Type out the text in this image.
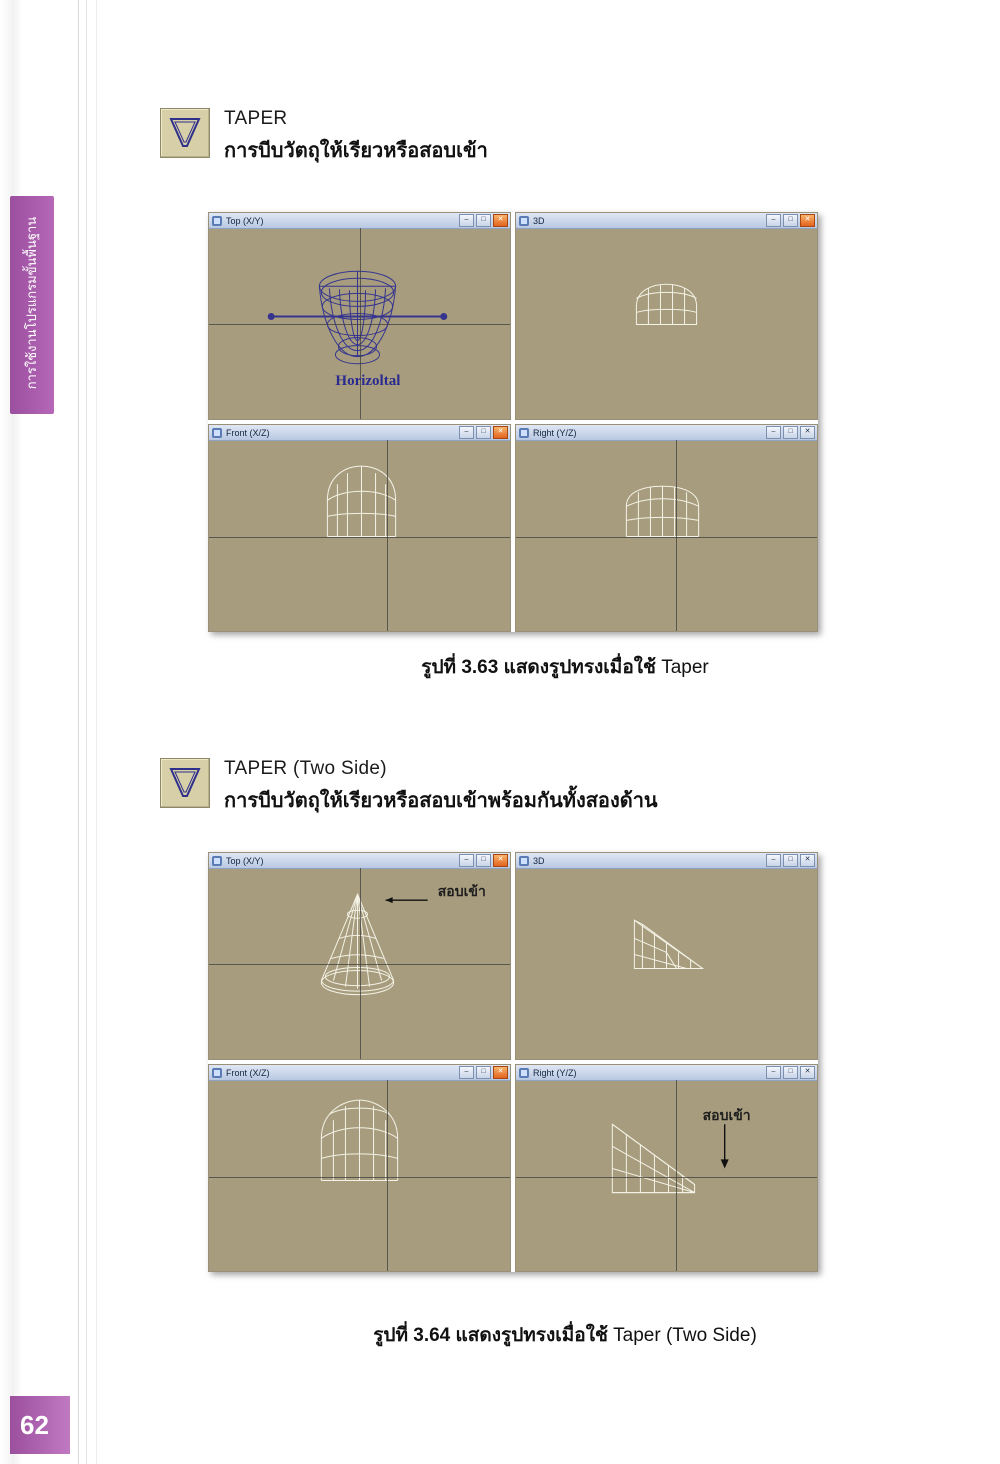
การใช้งานโปรแกรมขั้นพื้นฐาน
62
TAPER
การบีบวัตถุให้เรียวหรือสอบเข้า
Top (X/Y)	–	□	✕
Horizoltal
3D	–	□	✕
Front (X/Z)	–	□	✕	Right (Y/Z)	–	□	✕
รูปที่ 3.63 แสดงรูปทรงเมื่อใช้ Taper
TAPER (Two Side)
การบีบวัตถุให้เรียวหรือสอบเข้าพร้อมกันทั้งสองด้าน
Top (X/Y)	–	□	✕
สอบเข้า
3D	–	□	✕
Front (X/Z)	–	□	✕	Right (Y/Z)	–	□	✕
สอบเข้า
รูปที่ 3.64 แสดงรูปทรงเมื่อใช้ Taper (Two Side)
